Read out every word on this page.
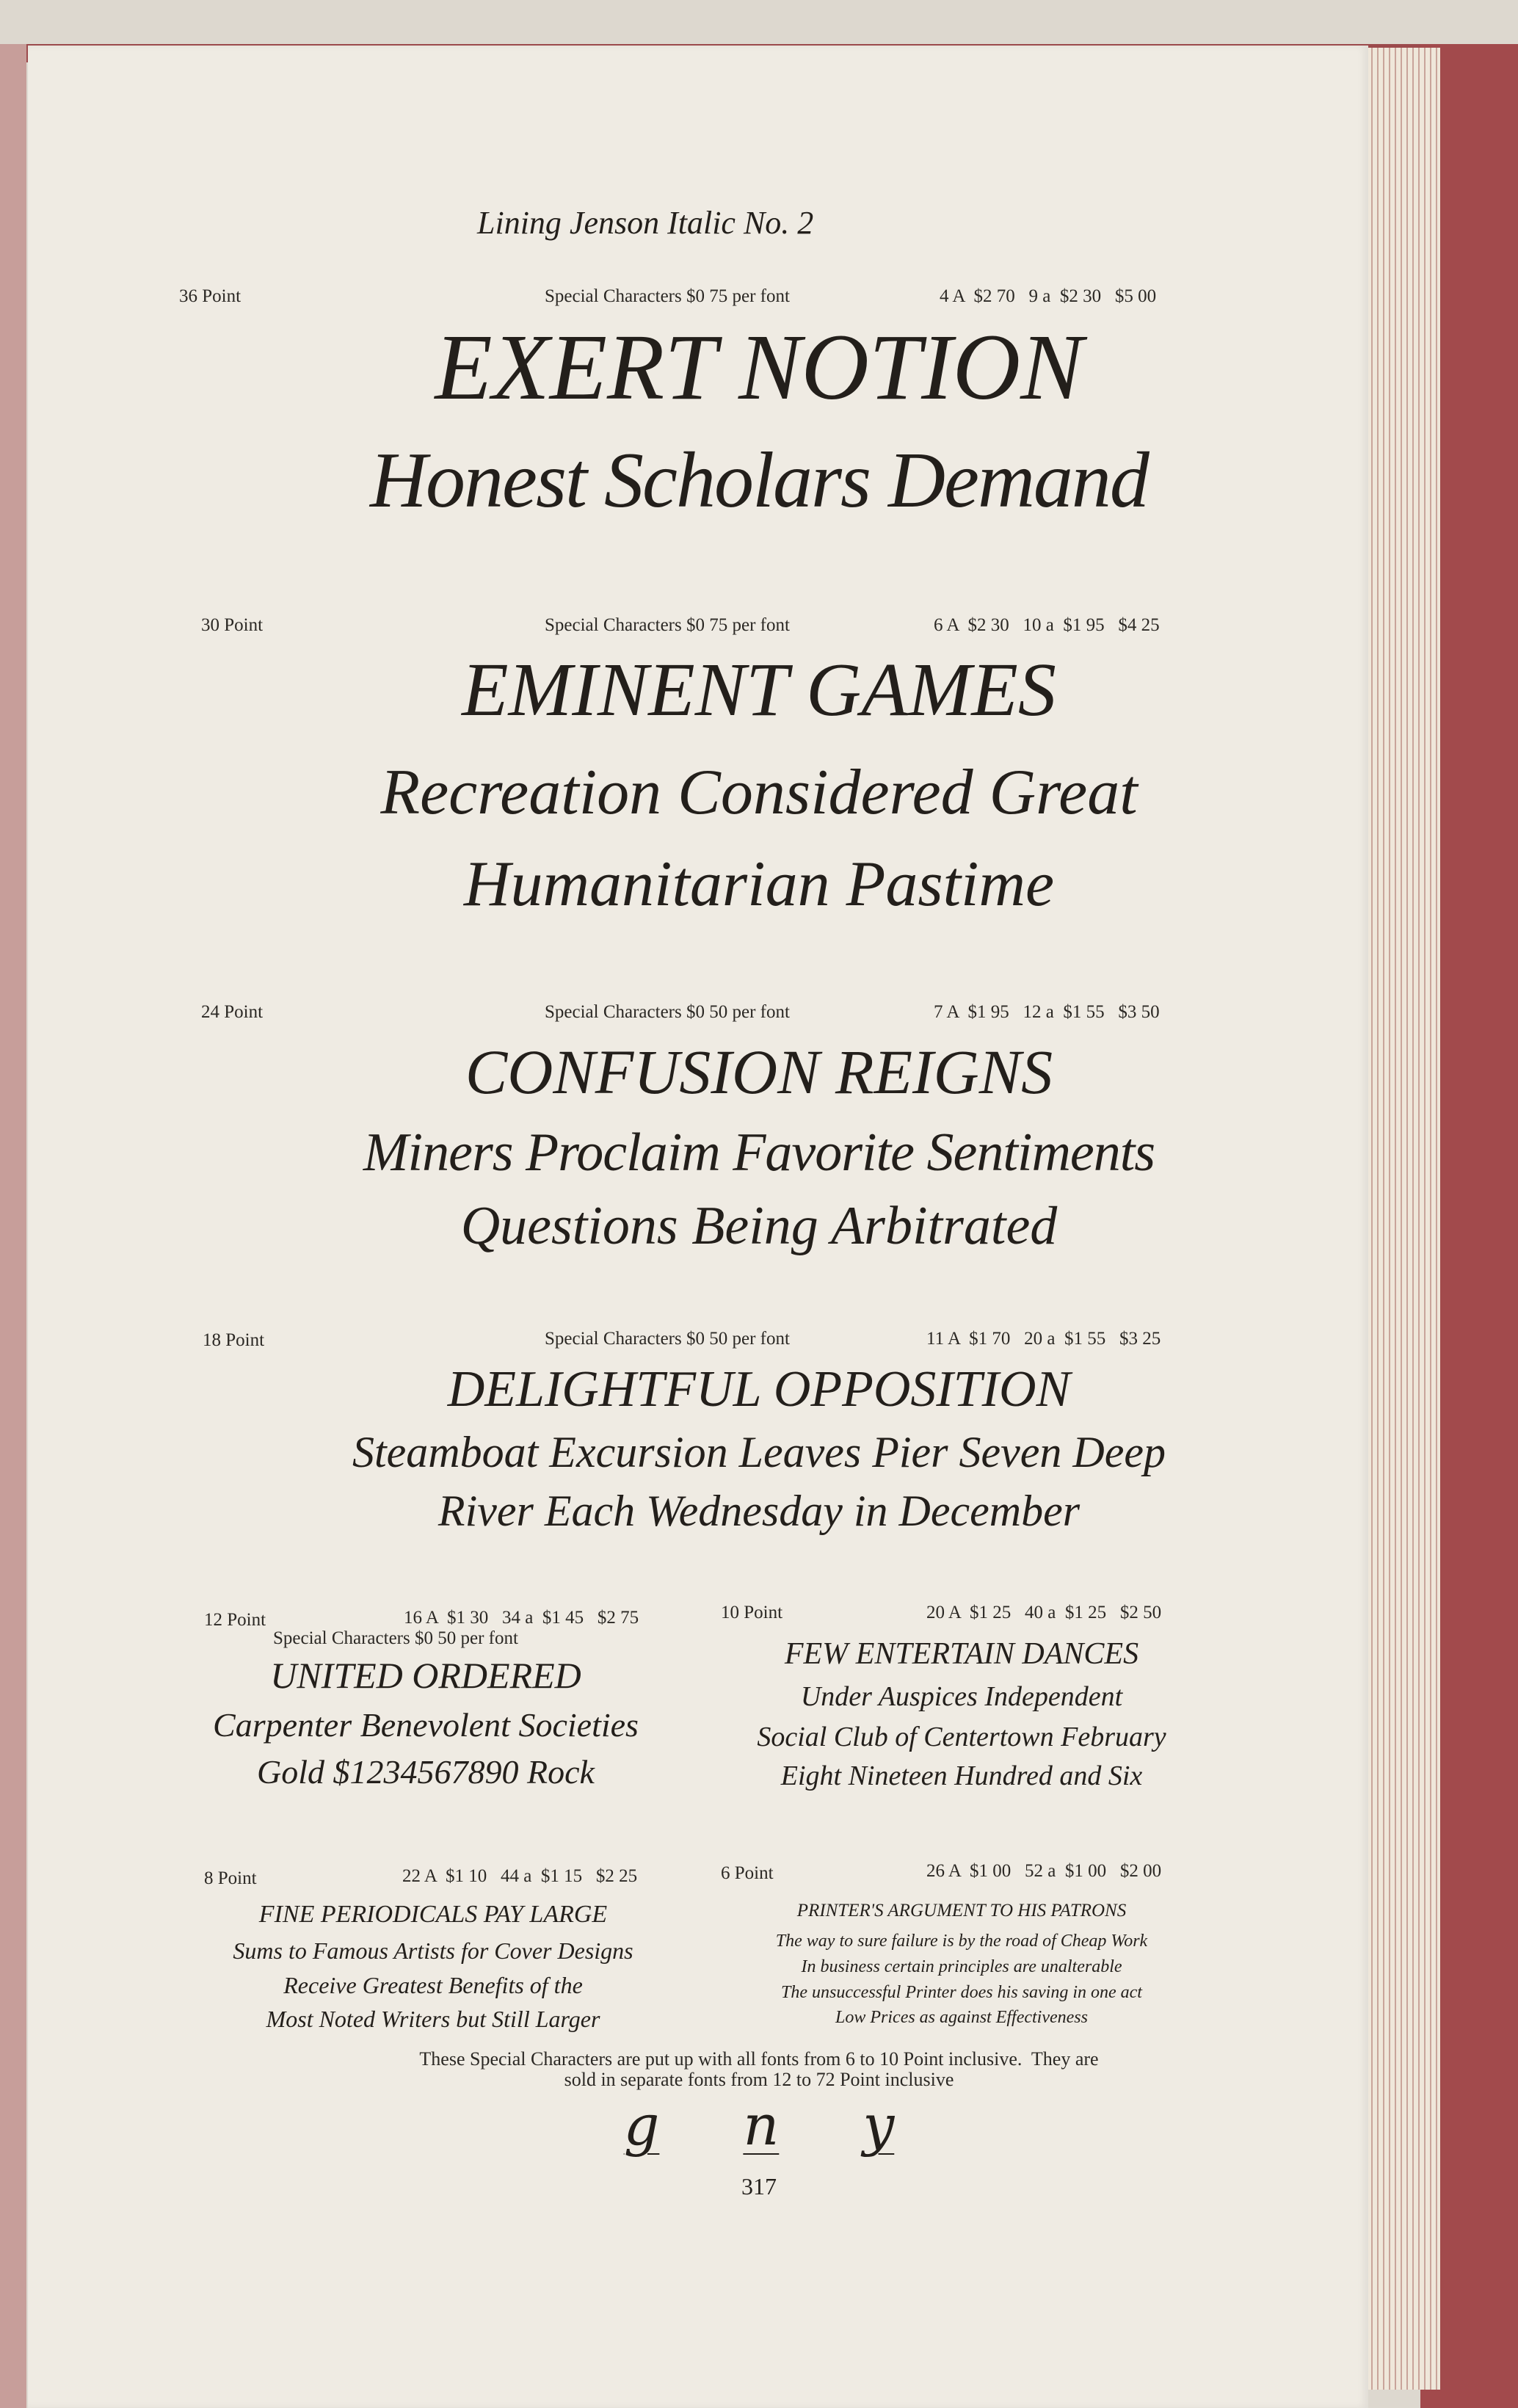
Lining Jenson Italic No. 2
36 Point	Special Characters $0 75 per font	4 A  $2 70   9 a  $2 30   $5 00
EXERT NOTION
Honest Scholars Demand
30 Point	Special Characters $0 75 per font	6 A  $2 30   10 a  $1 95   $4 25
EMINENT GAMES
Recreation Considered Great
Humanitarian Pastime
24 Point	Special Characters $0 50 per font	7 A  $1 95   12 a  $1 55   $3 50
CONFUSION REIGNS
Miners Proclaim Favorite Sentiments
Questions Being Arbitrated
18 Point	Special Characters $0 50 per font	11 A  $1 70   20 a  $1 55   $3 25
DELIGHTFUL OPPOSITION
Steamboat Excursion Leaves Pier Seven Deep
River Each Wednesday in December
12 Point	16 A  $1 30   34 a  $1 45   $2 75
Special Characters $0 50 per font
UNITED ORDERED
Carpenter Benevolent Societies
Gold $1234567890 Rock
10 Point	20 A  $1 25   40 a  $1 25   $2 50
FEW ENTERTAIN DANCES
Under Auspices Independent
Social Club of Centertown February
Eight Nineteen Hundred and Six
8 Point	22 A  $1 10   44 a  $1 15   $2 25
FINE PERIODICALS PAY LARGE
Sums to Famous Artists for Cover Designs
Receive Greatest Benefits of the
Most Noted Writers but Still Larger
6 Point	26 A  $1 00   52 a  $1 00   $2 00
PRINTER'S ARGUMENT TO HIS PATRONS
The way to sure failure is by the road of Cheap Work
In business certain principles are unalterable
The unsuccessful Printer does his saving in one act
Low Prices as against Effectiveness
These Special Characters are put up with all fonts from 6 to 10 Point inclusive.  They are
sold in separate fonts from 12 to 72 Point inclusive
g n y
317
